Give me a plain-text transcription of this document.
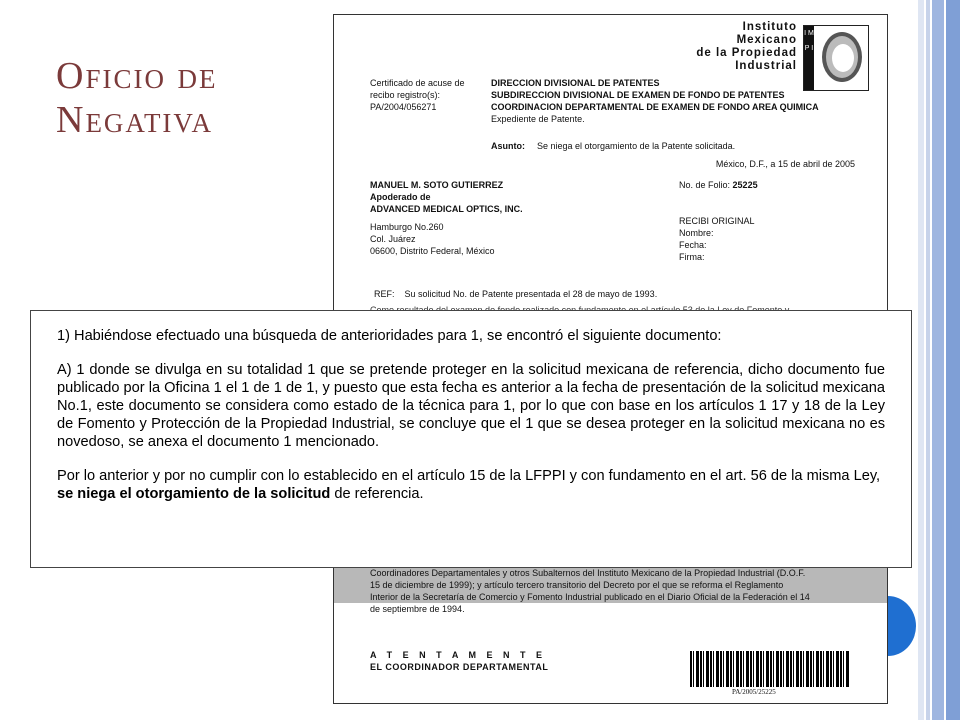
Oficio de
Negativa
Instituto
Mexicano
de la Propiedad
Industrial
I M P I
Certificado de acuse de
recibo registro(s):
PA/2004/056271
DIRECCION DIVISIONAL DE PATENTES
SUBDIRECCION DIVISIONAL DE EXAMEN DE FONDO DE PATENTES
COORDINACION DEPARTAMENTAL DE EXAMEN DE FONDO AREA QUIMICA
Expediente de Patente.
Asunto: Se niega el otorgamiento de la Patente solicitada.
México, D.F., a 15 de abril de 2005
MANUEL M. SOTO GUTIERREZ
Apoderado de
ADVANCED MEDICAL OPTICS, INC.
Hamburgo No.260
Col. Juárez
06600, Distrito Federal, México
No. de Folio: 25225
RECIBI ORIGINAL
Nombre:
Fecha:
Firma:
REF: Su solicitud No. de Patente presentada el 28 de mayo de 1993.
Coordinadores Departamentales y otros Subalternos del Instituto Mexicano de la Propiedad Industrial (D.O.F.
15 de diciembre de 1999); y artículo tercero transitorio del Decreto por el que se reforma el Reglamento
Interior de la Secretaría de Comercio y Fomento Industrial publicado en el Diario Oficial de la Federación el 14
de septiembre de 1994.
A T E N T A M E N T E
EL COORDINADOR DEPARTAMENTAL
PA/2005/25225

1) Habiéndose efectuado una búsqueda de anterioridades para 1, se encontró el siguiente documento:

A) 1 donde se divulga en su totalidad 1 que se pretende proteger en la solicitud mexicana de referencia, dicho documento fue publicado por la Oficina 1 el 1 de 1 de 1, y puesto que esta fecha es anterior a la fecha de presentación de la solicitud mexicana No.1, este documento se considera como estado de la técnica para 1, por lo que con base en los artículos 1 17 y 18 de la Ley de Fomento y Protección de la Propiedad Industrial, se concluye que el 1 que se desea proteger en la solicitud mexicana no es novedoso, se anexa el documento 1 mencionado.

Por lo anterior y por no cumplir con lo establecido en el artículo 15 de la LFPPI y con fundamento en el art. 56 de la misma Ley, se niega el otorgamiento de la solicitud de referencia.
